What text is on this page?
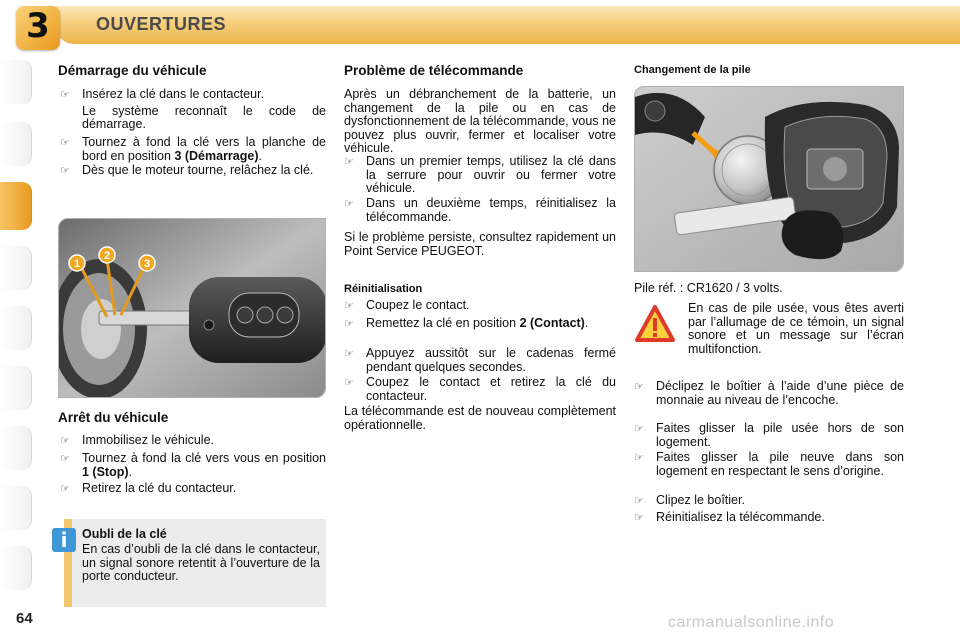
3	OUVERTURES
Démarrage du véhicule
☞ Insérez la clé dans le contacteur.
Le système reconnaît le code de démarrage.
☞ Tournez à fond la clé vers la planche de bord en position 3 (Démarrage).
☞ Dès que le moteur tourne, relâchez la clé.
1
2
3
Arrêt du véhicule
☞ Immobilisez le véhicule.
☞ Tournez à fond la clé vers vous en position 1 (Stop).
☞ Retirez la clé du contacteur.
Oubli de la clé
En cas d’oubli de la clé dans le contacteur, un signal sonore retentit à l’ouverture de la porte conducteur.
i
Problème de télécommande
Après un débranchement de la batterie, un changement de la pile ou en cas de dysfonctionnement de la télécommande, vous ne pouvez plus ouvrir, fermer et localiser votre véhicule.
☞ Dans un premier temps, utilisez la clé dans la serrure pour ouvrir ou fermer votre véhicule.
☞ Dans un deuxième temps, réinitialisez la télécommande.
Si le problème persiste, consultez rapidement un Point Service PEUGEOT.
Réinitialisation
☞ Coupez le contact.
☞ Remettez la clé en position 2 (Contact).
☞ Appuyez aussitôt sur le cadenas fermé pendant quelques secondes.
☞ Coupez le contact et retirez la clé du contacteur.
La télécommande est de nouveau complètement opérationnelle.
Changement de la pile
Pile réf. : CR1620 / 3 volts.
En cas de pile usée, vous êtes averti par l’allumage de ce témoin, un signal sonore et un message sur l’écran multifonction.
☞ Déclipez le boîtier à l’aide d’une pièce de monnaie au niveau de l’encoche.
☞ Faites glisser la pile usée hors de son logement.
☞ Faites glisser la pile neuve dans son logement en respectant le sens d’origine.
☞ Clipez le boîtier.
☞ Réinitialisez la télécommande.
64	carmanualsonline.info
